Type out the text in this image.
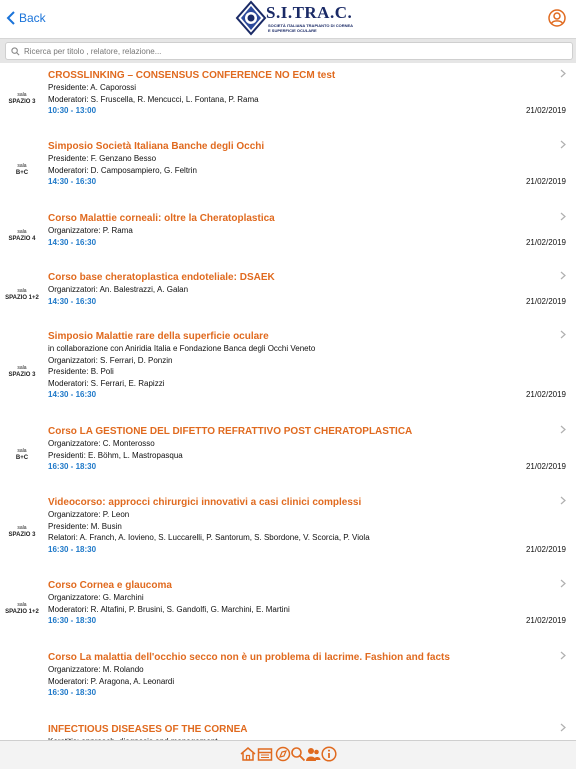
Back	S.I.TRA.C.
SOCIETÀ ITALIANA TRAPIANTO DI CORNEA
E SUPERFICIE OCULARE
Ricerca per titolo , relatore, relazione...
sala
SPAZIO 3
CROSSLINKING – CONSENSUS CONFERENCE NO ECM test
Presidente: A. Caporossi
Moderatori: S. Fruscella, R. Mencucci, L. Fontana, P. Rama
10:30 - 13:00	21/02/2019
sala
B+C
Simposio Società Italiana Banche degli Occhi
Presidente: F. Genzano Besso
Moderatori: D. Camposampiero, G. Feltrin
14:30 - 16:30	21/02/2019
sala
SPAZIO 4
Corso Malattie corneali: oltre la Cheratoplastica
Organizzatore: P. Rama
14:30 - 16:30	21/02/2019
sala
SPAZIO 1+2
Corso base cheratoplastica endoteliale: DSAEK
Organizzatori: An. Balestrazzi, A. Galan
14:30 - 16:30	21/02/2019
sala
SPAZIO 3
Simposio Malattie rare della superficie oculare
in collaborazione con Aniridia Italia e Fondazione Banca degli Occhi Veneto
Organizzatori: S. Ferrari, D. Ponzin
Presidente: B. Poli
Moderatori: S. Ferrari, E. Rapizzi
14:30 - 16:30	21/02/2019
sala
B+C
Corso LA GESTIONE DEL DIFETTO REFRATTIVO POST CHERATOPLASTICA
Organizzatore: C. Monterosso
Presidenti: E. Böhm, L. Mastropasqua
16:30 - 18:30	21/02/2019
sala
SPAZIO 3
Videocorso: approcci chirurgici innovativi a casi clinici complessi
Organizzatore: P. Leon
Presidente: M. Busin
Relatori: A. Franch, A. Iovieno, S. Luccarelli, P. Santorum, S. Sbordone, V. Scorcia, P. Viola
16:30 - 18:30	21/02/2019
sala
SPAZIO 1+2
Corso Cornea e glaucoma
Organizzatore: G. Marchini
Moderatori: R. Altafini, P. Brusini, S. Gandolfi, G. Marchini, E. Martini
16:30 - 18:30	21/02/2019
Corso La malattia dell'occhio secco non è un problema di lacrime. Fashion and facts
Organizzatore: M. Rolando
Moderatori: P. Aragona, A. Leonardi
16:30 - 18:30
INFECTIOUS DISEASES OF THE CORNEA
